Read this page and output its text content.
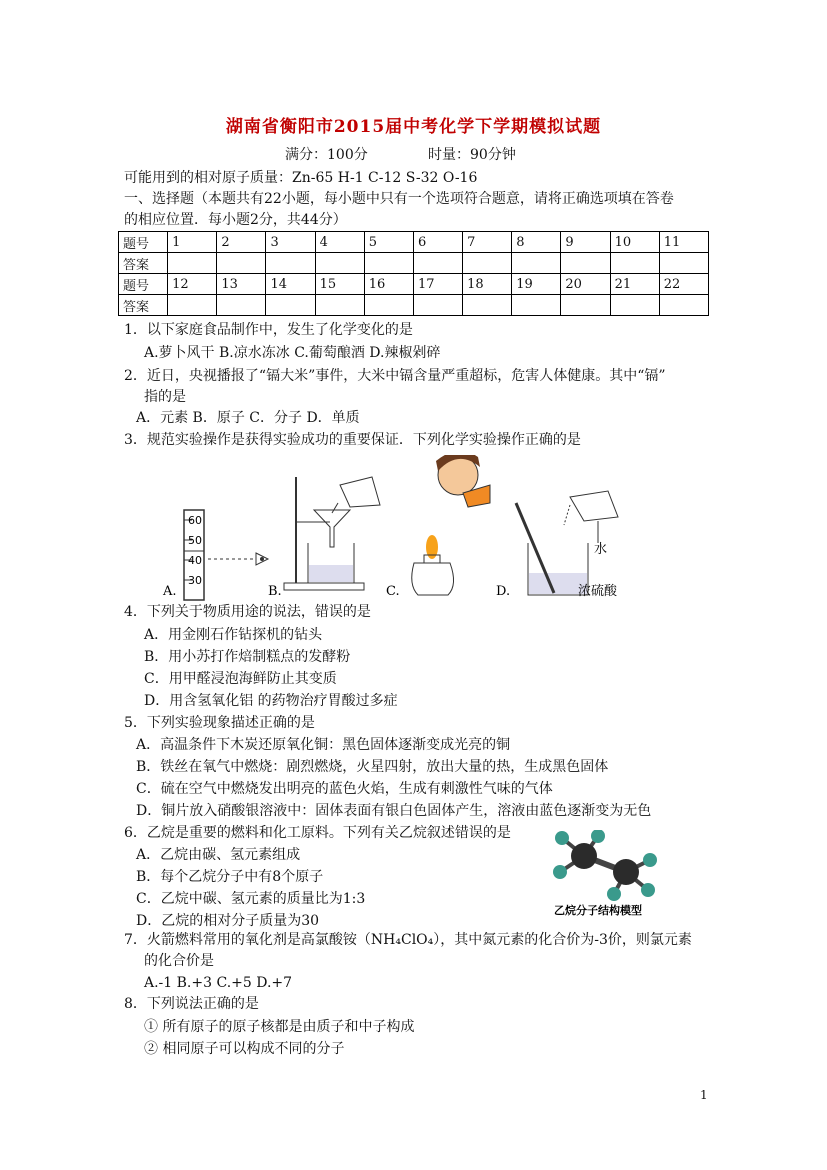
湖南省衡阳市2015届中考化学下学期模拟试题
满分：100分	时量：90分钟
可能用到的相对原子质量：Zn-65 H-1 C-12 S-32 O-16
一、选择题（本题共有22小题，每小题中只有一个选项符合题意，请将正确选项填在答卷
的相应位置．每小题2分，共44分）
题号	1	2	3	4	5	6	7	8	9	10	11
答案											
题号	12	13	14	15	16	17	18	19	20	21	22
答案											
1．以下家庭食品制作中，发生了化学变化的是
A.萝卜风干 B.凉水冻冰 C.葡萄酿酒 D.辣椒剁碎
2．近日，央视播报了“镉大米”事件，大米中镉含量严重超标，危害人体健康。其中“镉”
指的是
A．元素 B．原子 C．分子 D．单质
3．规范实验操作是获得实验成功的重要保证．下列化学实验操作正确的是
60
50
40
30
A.	B.	C.
水
浓硫酸
D.
4．下列关于物质用途的说法，错误的是
A．用金刚石作钻探机的钻头
B．用小苏打作焙制糕点的发酵粉
C．用甲醛浸泡海鲜防止其变质
D．用含氢氧化铝 的药物治疗胃酸过多症
5．下列实验现象描述正确的是
A．高温条件下木炭还原氧化铜：黑色固体逐渐变成光亮的铜
B．铁丝在氧气中燃烧：剧烈燃烧，火星四射，放出大量的热，生成黑色固体
C．硫在空气中燃烧发出明亮的蓝色火焰，生成有刺激性气味的气体
D．铜片放入硝酸银溶液中：固体表面有银白色固体产生，溶液由蓝色逐渐变为无色
6．乙烷是重要的燃料和化工原料。下列有关乙烷叙述错误的是
A．乙烷由碳、氢元素组成
B．每个乙烷分子中有8个原子
C．乙烷中碳、氢元素的质量比为1:3
D．乙烷的相对分子质量为30
乙烷分子结构模型
7．火箭燃料常用的氧化剂是高氯酸铵（NH₄ClO₄），其中氮元素的化合价为-3价，则氯元素
的化合价是
A.-1 B.+3 C.+5 D.+7
8．下列说法正确的是
① 所有原子的原子核都是由质子和中子构成
② 相同原子可以构成不同的分子
1
